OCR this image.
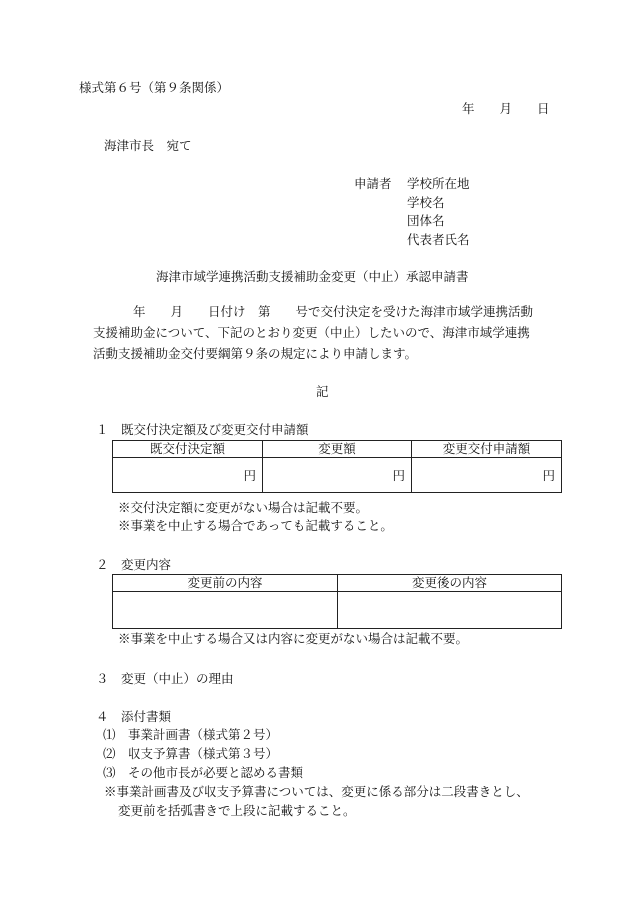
様式第６号（第９条関係）
年　　月　　日
海津市長　宛て
申請者 学校所在地
学校名
団体名
代表者氏名
海津市域学連携活動支援補助金変更（中止）承認申請書
年　　月　　日付け　第　　号で交付決定を受けた海津市域学連携活動
支援補助金について、下記のとおり変更（中止）したいので、海津市域学連携
活動支援補助金交付要綱第９条の規定により申請します。
記
１　既交付決定額及び変更交付申請額
既交付決定額	変更額	変更交付申請額
円	円	円
※交付決定額に変更がない場合は記載不要。
※事業を中止する場合であっても記載すること。
２　変更内容
変更前の内容	変更後の内容

※事業を中止する場合又は内容に変更がない場合は記載不要。
３　変更（中止）の理由
４　添付書類
⑴　事業計画書（様式第２号）
⑵　収支予算書（様式第３号）
⑶　その他市長が必要と認める書類
※事業計画書及び収支予算書については、変更に係る部分は二段書きとし、
変更前を括弧書きで上段に記載すること。
